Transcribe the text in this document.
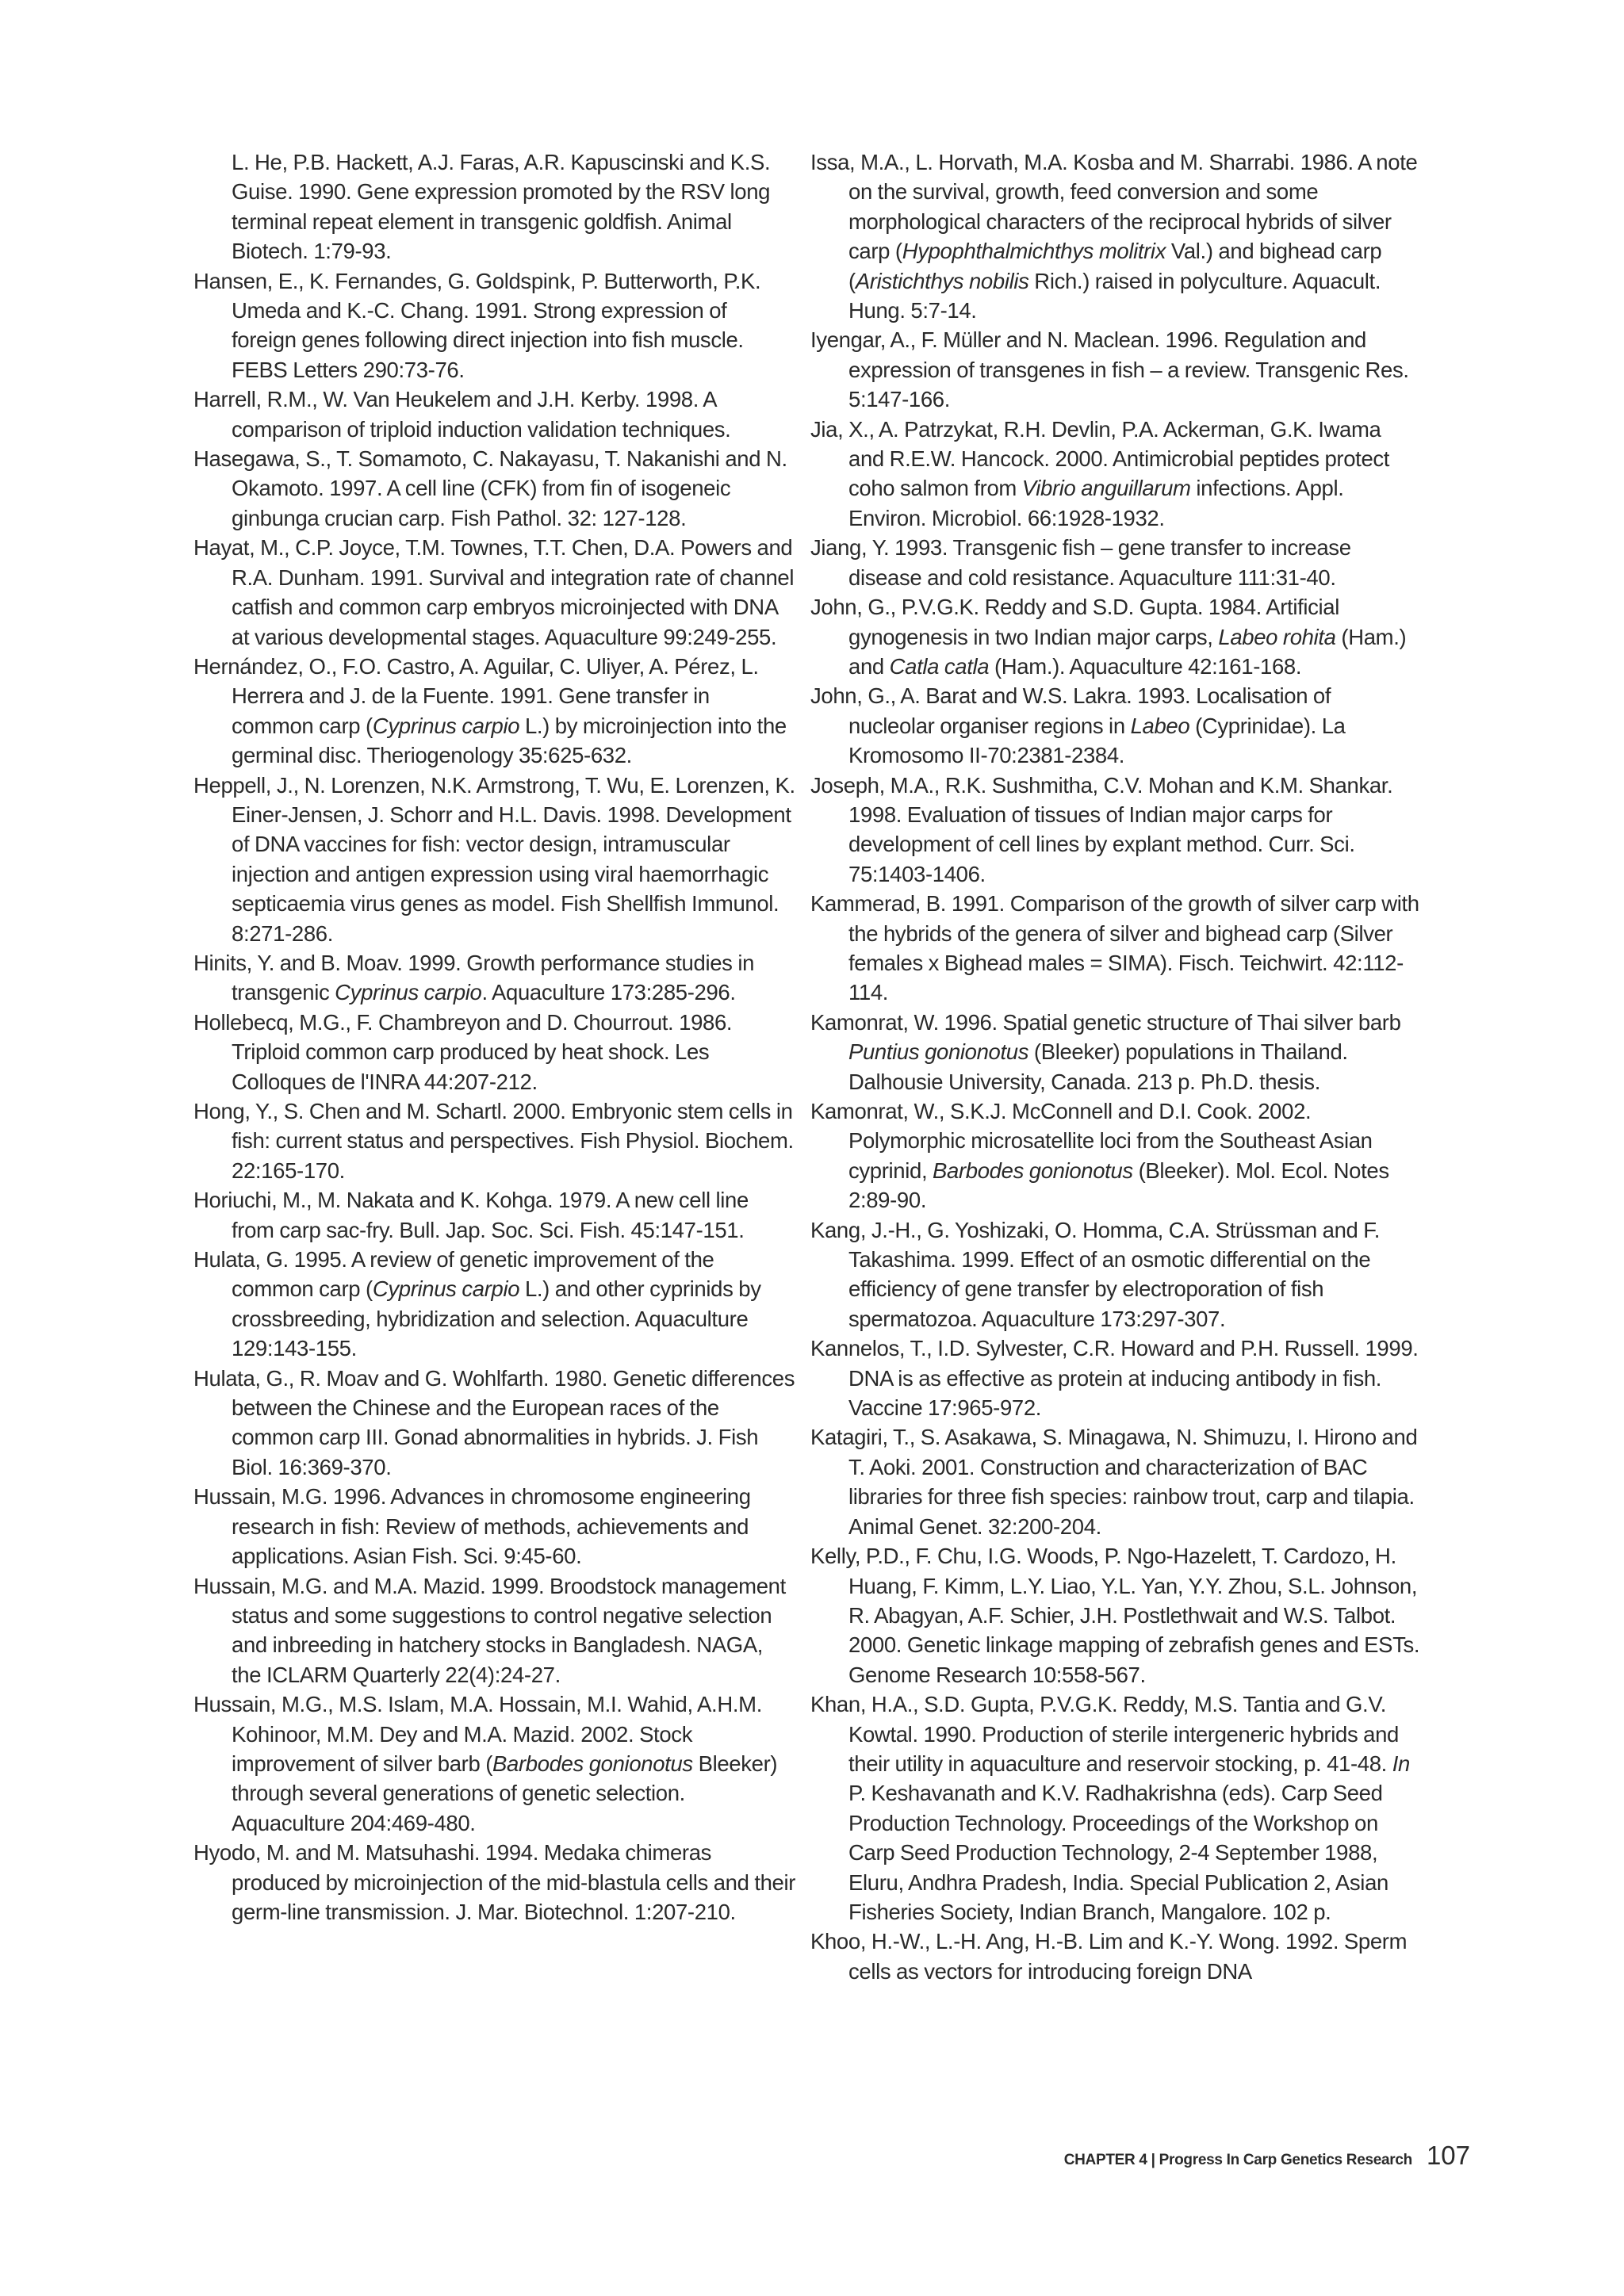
L. He, P.B. Hackett, A.J. Faras, A.R. Kapuscinski and K.S. Guise. 1990. Gene expression promoted by the RSV long terminal repeat element in transgenic goldfish. Animal Biotech. 1:79-93.

Hansen, E., K. Fernandes, G. Goldspink, P. Butterworth, P.K. Umeda and K.-C. Chang. 1991. Strong expression of foreign genes following direct injection into fish muscle. FEBS Letters 290:73-76.

Harrell, R.M., W. Van Heukelem and J.H. Kerby. 1998. A comparison of triploid induction validation techniques.

Hasegawa, S., T. Somamoto, C. Nakayasu, T. Nakanishi and N. Okamoto. 1997. A cell line (CFK) from fin of isogeneic ginbunga crucian carp. Fish Pathol. 32: 127-128.

Hayat, M., C.P. Joyce, T.M. Townes, T.T. Chen, D.A. Powers and R.A. Dunham. 1991. Survival and integration rate of channel catfish and common carp embryos microinjected with DNA at various developmental stages. Aquaculture 99:249-255.

Hernández, O., F.O. Castro, A. Aguilar, C. Uliyer, A. Pérez, L. Herrera and J. de la Fuente. 1991. Gene transfer in common carp (Cyprinus carpio L.) by microinjection into the germinal disc. Theriogenology 35:625-632.

Heppell, J., N. Lorenzen, N.K. Armstrong, T. Wu, E. Lorenzen, K. Einer-Jensen, J. Schorr and H.L. Davis. 1998. Development of DNA vaccines for fish: vector design, intramuscular injection and antigen expression using viral haemorrhagic septicaemia virus genes as model. Fish Shellfish Immunol. 8:271-286.

Hinits, Y. and B. Moav. 1999. Growth performance studies in transgenic Cyprinus carpio. Aquaculture 173:285-296.

Hollebecq, M.G., F. Chambreyon and D. Chourrout. 1986. Triploid common carp produced by heat shock. Les Colloques de l'INRA 44:207-212.

Hong, Y., S. Chen and M. Schartl. 2000. Embryonic stem cells in fish: current status and perspectives. Fish Physiol. Biochem. 22:165-170.

Horiuchi, M., M. Nakata and K. Kohga. 1979. A new cell line from carp sac-fry. Bull. Jap. Soc. Sci. Fish. 45:147-151.

Hulata, G. 1995. A review of genetic improvement of the common carp (Cyprinus carpio L.) and other cyprinids by crossbreeding, hybridization and selection. Aquaculture 129:143-155.

Hulata, G., R. Moav and G. Wohlfarth. 1980. Genetic differences between the Chinese and the European races of the common carp III. Gonad abnormalities in hybrids. J. Fish Biol. 16:369-370.

Hussain, M.G. 1996. Advances in chromosome engineering research in fish: Review of methods, achievements and applications. Asian Fish. Sci. 9:45-60.

Hussain, M.G. and M.A. Mazid. 1999. Broodstock management status and some suggestions to control negative selection and inbreeding in hatchery stocks in Bangladesh. NAGA, the ICLARM Quarterly 22(4):24-27.

Hussain, M.G., M.S. Islam, M.A. Hossain, M.I. Wahid, A.H.M. Kohinoor, M.M. Dey and M.A. Mazid. 2002. Stock improvement of silver barb (Barbodes gonionotus Bleeker) through several generations of genetic selection. Aquaculture 204:469-480.

Hyodo, M. and M. Matsuhashi. 1994. Medaka chimeras produced by microinjection of the mid-blastula cells and their germ-line transmission. J. Mar. Biotechnol. 1:207-210.

Issa, M.A., L. Horvath, M.A. Kosba and M. Sharrabi. 1986. A note on the survival, growth, feed conversion and some morphological characters of the reciprocal hybrids of silver carp (Hypophthalmichthys molitrix Val.) and bighead carp (Aristichthys nobilis Rich.) raised in polyculture. Aquacult. Hung. 5:7-14.

Iyengar, A., F. Müller and N. Maclean. 1996. Regulation and expression of transgenes in fish – a review. Transgenic Res. 5:147-166.

Jia, X., A. Patrzykat, R.H. Devlin, P.A. Ackerman, G.K. Iwama and R.E.W. Hancock. 2000. Antimicrobial peptides protect coho salmon from Vibrio anguillarum infections. Appl. Environ. Microbiol. 66:1928-1932.

Jiang, Y. 1993. Transgenic fish – gene transfer to increase disease and cold resistance. Aquaculture 111:31-40.

John, G., P.V.G.K. Reddy and S.D. Gupta. 1984. Artificial gynogenesis in two Indian major carps, Labeo rohita (Ham.) and Catla catla (Ham.). Aquaculture 42:161-168.

John, G., A. Barat and W.S. Lakra. 1993. Localisation of nucleolar organiser regions in Labeo (Cyprinidae). La Kromosomo II-70:2381-2384.

Joseph, M.A., R.K. Sushmitha, C.V. Mohan and K.M. Shankar. 1998. Evaluation of tissues of Indian major carps for development of cell lines by explant method. Curr. Sci. 75:1403-1406.

Kammerad, B. 1991. Comparison of the growth of silver carp with the hybrids of the genera of silver and bighead carp (Silver females x Bighead males = SIMA). Fisch. Teichwirt. 42:112-114.

Kamonrat, W. 1996. Spatial genetic structure of Thai silver barb Puntius gonionotus (Bleeker) populations in Thailand. Dalhousie University, Canada. 213 p. Ph.D. thesis.

Kamonrat, W., S.K.J. McConnell and D.I. Cook. 2002. Polymorphic microsatellite loci from the Southeast Asian cyprinid, Barbodes gonionotus (Bleeker). Mol. Ecol. Notes 2:89-90.

Kang, J.-H., G. Yoshizaki, O. Homma, C.A. Strüssman and F. Takashima. 1999. Effect of an osmotic differential on the efficiency of gene transfer by electroporation of fish spermatozoa. Aquaculture 173:297-307.

Kannelos, T., I.D. Sylvester, C.R. Howard and P.H. Russell. 1999. DNA is as effective as protein at inducing antibody in fish. Vaccine 17:965-972.

Katagiri, T., S. Asakawa, S. Minagawa, N. Shimuzu, I. Hirono and T. Aoki. 2001. Construction and characterization of BAC libraries for three fish species: rainbow trout, carp and tilapia. Animal Genet. 32:200-204.

Kelly, P.D., F. Chu, I.G. Woods, P. Ngo-Hazelett, T. Cardozo, H. Huang, F. Kimm, L.Y. Liao, Y.L. Yan, Y.Y. Zhou, S.L. Johnson, R. Abagyan, A.F. Schier, J.H. Postlethwait and W.S. Talbot. 2000. Genetic linkage mapping of zebrafish genes and ESTs. Genome Research 10:558-567.

Khan, H.A., S.D. Gupta, P.V.G.K. Reddy, M.S. Tantia and G.V. Kowtal. 1990. Production of sterile intergeneric hybrids and their utility in aquaculture and reservoir stocking, p. 41-48. In P. Keshavanath and K.V. Radhakrishna (eds). Carp Seed Production Technology. Proceedings of the Workshop on Carp Seed Production Technology, 2-4 September 1988, Eluru, Andhra Pradesh, India. Special Publication 2, Asian Fisheries Society, Indian Branch, Mangalore. 102 p.

Khoo, H.-W., L.-H. Ang, H.-B. Lim and K.-Y. Wong. 1992. Sperm cells as vectors for introducing foreign DNA

CHAPTER 4 | Progress In Carp Genetics Research 107
